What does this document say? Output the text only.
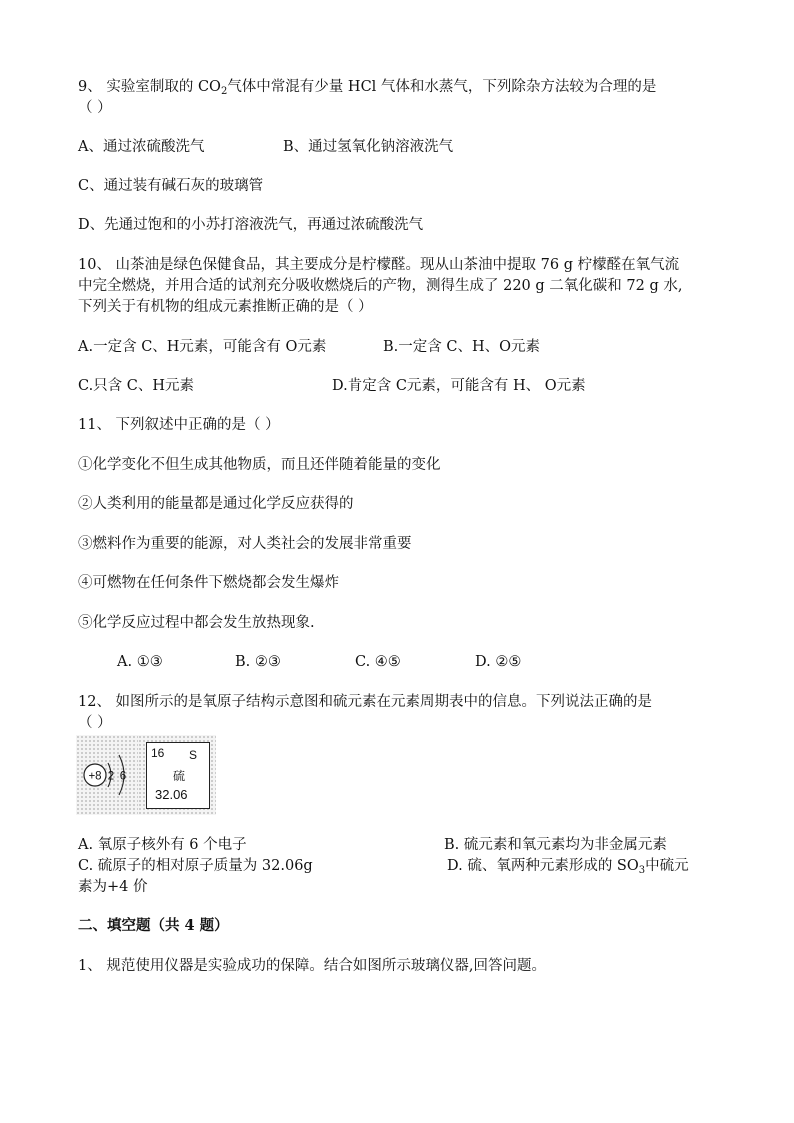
9、 实验室制取的 $CO_2$气体中常混有少量 HCl 气体和水蒸气，下列除杂方法较为合理的是
（ ）
A、通过浓硫酸洗气	B、通过氢氧化钠溶液洗气
C、通过装有碱石灰的玻璃管
D、先通过饱和的小苏打溶液洗气，再通过浓硫酸洗气
10、 山茶油是绿色保健食品，其主要成分是柠檬醛。现从山茶油中提取 76 g 柠檬醛在氧气流
中完全燃烧，并用合适的试剂充分吸收燃烧后的产物，测得生成了 220 g 二氧化碳和 72 g 水,
下列关于有机物的组成元素推断正确的是（ ）
A.一定含 C、H元素，可能含有 O元素	B.一定含 C、H、O元素
C.只含 C、H元素	D.肯定含 C元素，可能含有 H、 O元素
11、 下列叙述中正确的是（ ）
①化学变化不但生成其他物质，而且还伴随着能量的变化
②人类利用的能量都是通过化学反应获得的
③燃料作为重要的能源，对人类社会的发展非常重要
④可燃物在任何条件下燃烧都会发生爆炸
⑤化学反应过程中都会发生放热现象.
A. ①③	B. ②③	C. ④⑤	D. ②⑤
12、 如图所示的是氧原子结构示意图和硫元素在元素周期表中的信息。下列说法正确的是
（ ）
+8 2 6
16 S
硫
32.06
A. 氧原子核外有 6 个电子	B. 硫元素和氧元素均为非金属元素
C. 硫原子的相对原子质量为 32.06g	D. 硫、氧两种元素形成的 $SO_3$中硫元
素为+4 价
二、填空题（共 4 题）
1、 规范使用仪器是实验成功的保障。结合如图所示玻璃仪器,回答问题。
